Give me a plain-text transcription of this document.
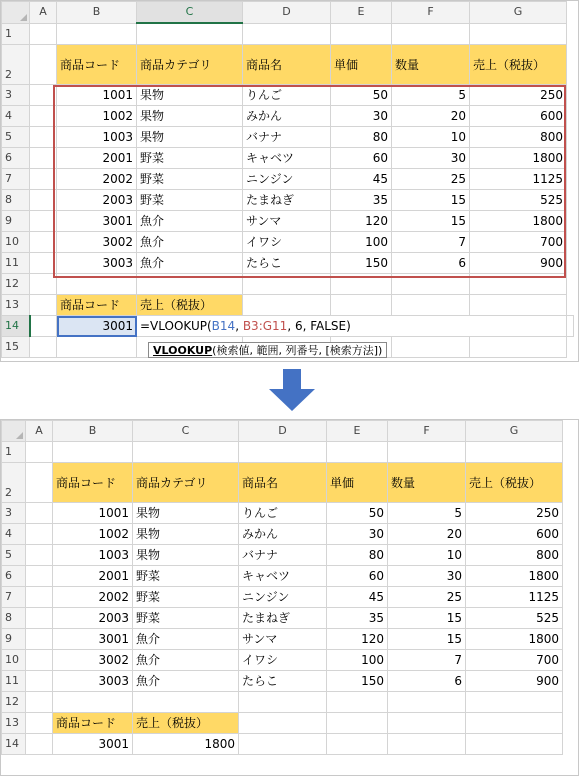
	A	B	C	D	E	F	G	
1								
2		商品コード	商品カテゴリ	商品名	単価	数量	売上（税抜）	
3		1001	果物	りんご	50	5	250	
4		1002	果物	みかん	30	20	600	
5		1003	果物	バナナ	80	10	800	
6		2001	野菜	キャベツ	60	30	1800	
7		2002	野菜	ニンジン	45	25	1125	
8		2003	野菜	たまねぎ	35	15	525	
9		3001	魚介	サンマ	120	15	1800	
10		3002	魚介	イワシ	100	7	700	
11		3003	魚介	たらこ	150	6	900	
12								
13		商品コード	売上（税抜）					
14		3001	=VLOOKUP(B14, B3:G11, 6, FALSE)					
15									VLOOKUP(検索値, 範囲, 列番号, [検索方法])
	A	B	C	D	E	F	G
1							
2		商品コード	商品カテゴリ	商品名	単価	数量	売上（税抜）
3		1001	果物	りんご	50	5	250
4		1002	果物	みかん	30	20	600
5		1003	果物	バナナ	80	10	800
6		2001	野菜	キャベツ	60	30	1800
7		2002	野菜	ニンジン	45	25	1125
8		2003	野菜	たまねぎ	35	15	525
9		3001	魚介	サンマ	120	15	1800
10		3002	魚介	イワシ	100	7	700
11		3003	魚介	たらこ	150	6	900
12							
13		商品コード	売上（税抜）				
14		3001	1800				
